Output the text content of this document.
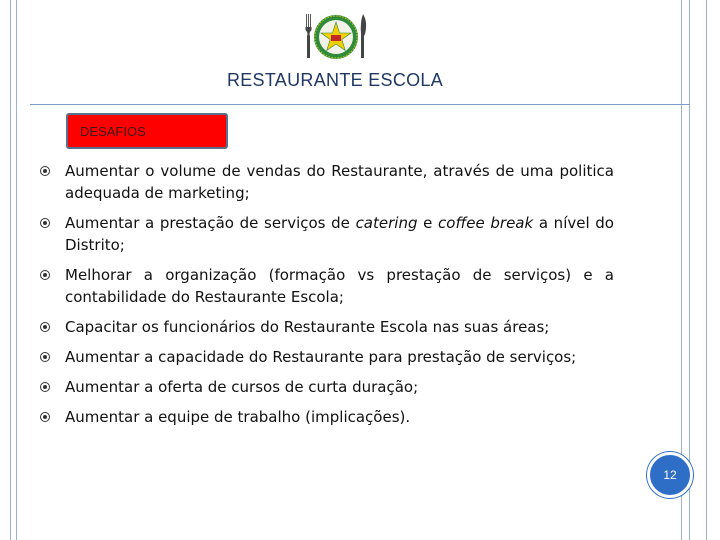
RESTAURANTE ESCOLA
DESAFIOS
Aumentar o volume de vendas do Restaurante, através de uma politica adequada de marketing;
Aumentar a prestação de serviços de catering e coffee break a nível do Distrito;
Melhorar a organização (formação vs prestação de serviços) e a contabilidade do Restaurante Escola;
Capacitar os funcionários do Restaurante Escola nas suas áreas;
Aumentar a capacidade do Restaurante para prestação de serviços;
Aumentar a oferta de cursos de curta duração;
Aumentar a equipe de trabalho (implicações).
12
